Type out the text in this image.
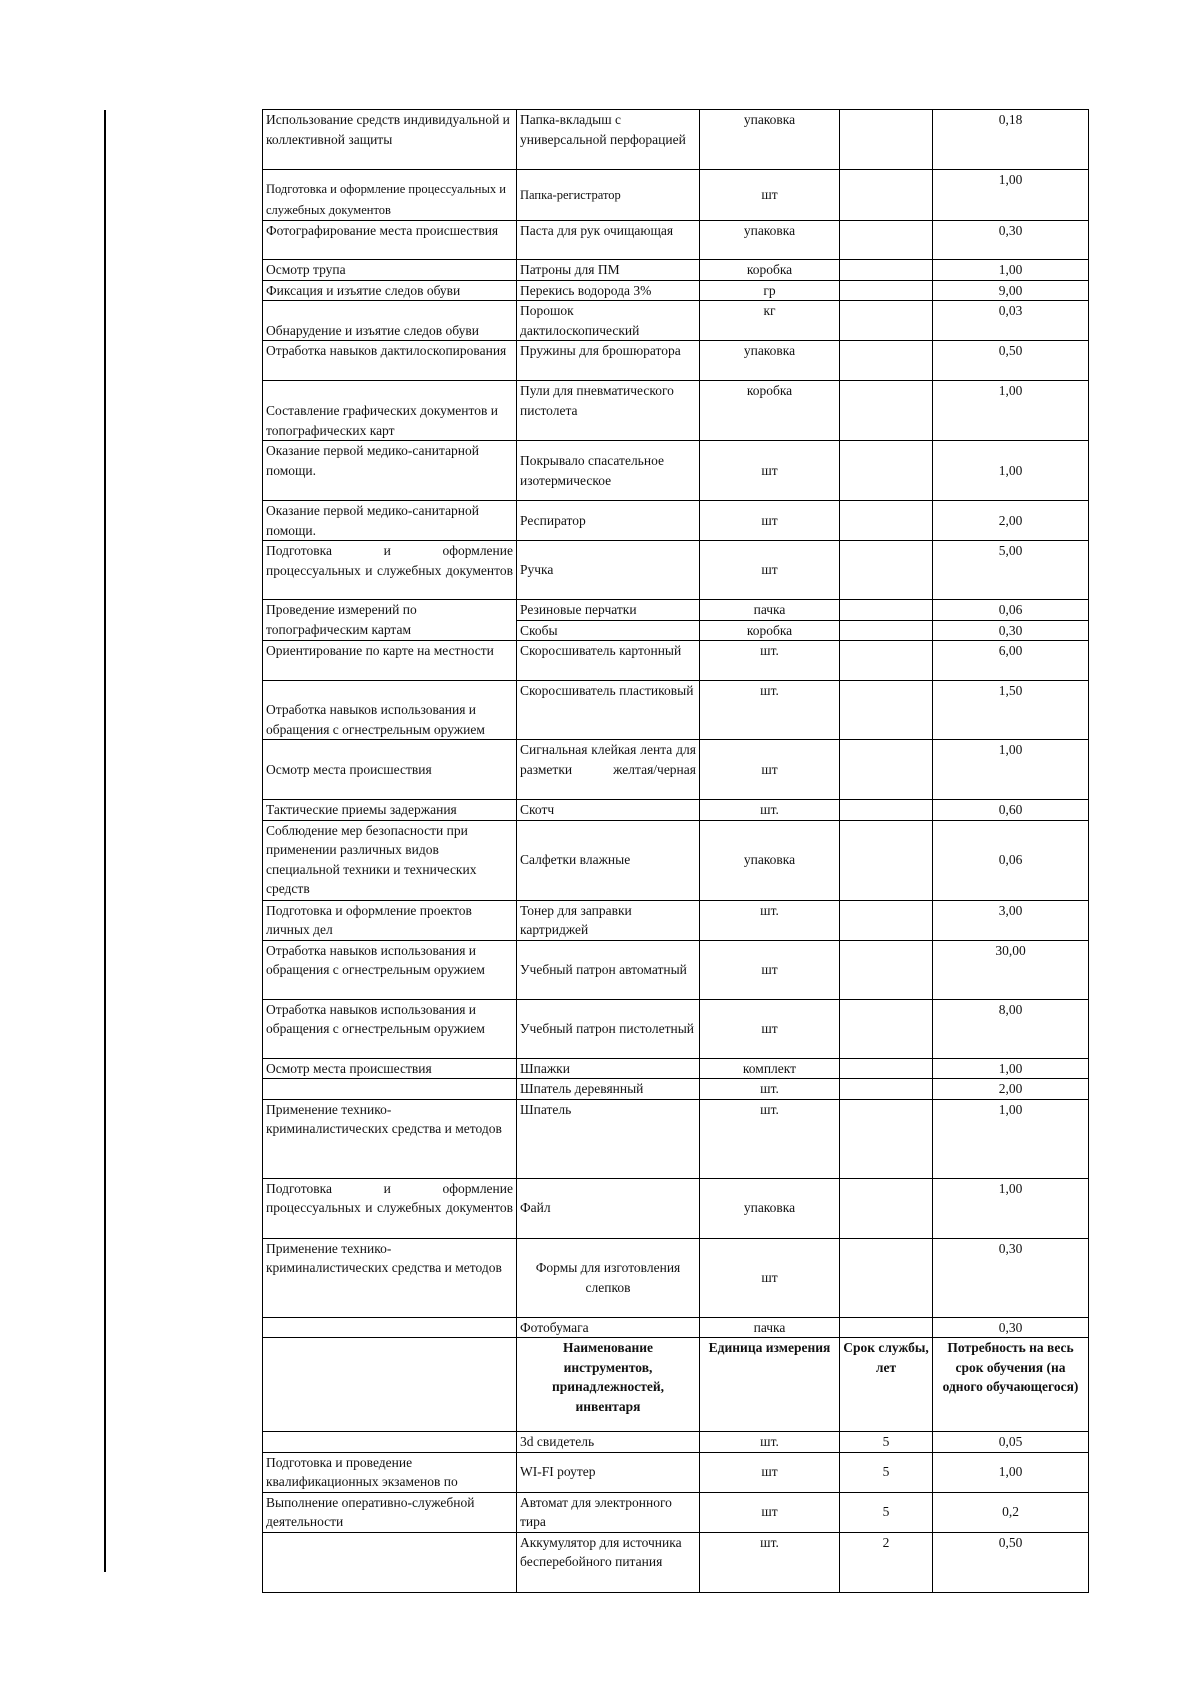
Использование средств индивидуальной и коллективной защиты	Папка-вкладыш с универсальной перфорацией	упаковка		0,18
Подготовка и оформление процессуальных и служебных документов	Папка-регистратор	шт		1,00
Фотографирование места происшествия	Паста для рук очищающая	упаковка		0,30
Осмотр трупа	Патроны для ПМ	коробка		1,00
Фиксация и изъятие следов обуви	Перекись водорода 3%	гр		9,00
Обнарудение и изъятие следов обуви	Порошок дактилоскопический	кг		0,03
Отработка навыков дактилоскопирования	Пружины для брошюратора	упаковка		0,50
Составление графических документов и топографических карт	Пули для пневматического пистолета	коробка		1,00
Оказание первой медико-санитарной помощи.	Покрывало спасательное изотермическое	шт		1,00
Оказание первой медико-санитарной помощи.	Респиратор	шт		2,00
Подготовка и оформление процессуальных и служебных документов	Ручка	шт		5,00
Проведение измерений по топографическим картам	Резиновые перчатки	пачка		0,06
	Скобы	коробка		0,30
Ориентирование по карте на местности	Скоросшиватель картонный	шт.		6,00
Отработка навыков использования и обращения с огнестрельным оружием	Скоросшиватель пластиковый	шт.		1,50
Осмотр места происшествия	Сигнальная клейкая лента для разметки желтая/черная	шт		1,00
Тактические приемы задержания	Скотч	шт.		0,60
Соблюдение мер безопасности при применении различных видов специальной техники и технических средств	Салфетки влажные	упаковка		0,06
Подготовка и оформление проектов личных дел	Тонер для заправки картриджей	шт.		3,00
Отработка навыков использования и обращения с огнестрельным оружием	Учебный патрон автоматный	шт		30,00
Отработка навыков использования и обращения с огнестрельным оружием	Учебный патрон пистолетный	шт		8,00
Осмотр места происшествия	Шпажки	комплект		1,00
	Шпатель деревянный	шт.		2,00
Применение технико-криминалистических средства и методов	Шпатель	шт.		1,00
Подготовка и оформление процессуальных и служебных документов	Файл	упаковка		1,00
Применение технико-криминалистических средства и методов	Формы для изготовления слепков	шт		0,30
	Фотобумага	пачка		0,30
	Наименование инструментов, принадлежностей, инвентаря	Единица измерения	Срок службы, лет	Потребность на весь срок обучения (на одного обучающегося)
	3d свидетель	шт.	5	0,05
Подготовка и проведение квалификационных экзаменов по	WI-FI роутер	шт	5	1,00
Выполнение оперативно-служебной деятельности	Автомат для электронного тира	шт	5	0,2
	Аккумулятор для источника бесперебойного питания	шт.	2	0,50
